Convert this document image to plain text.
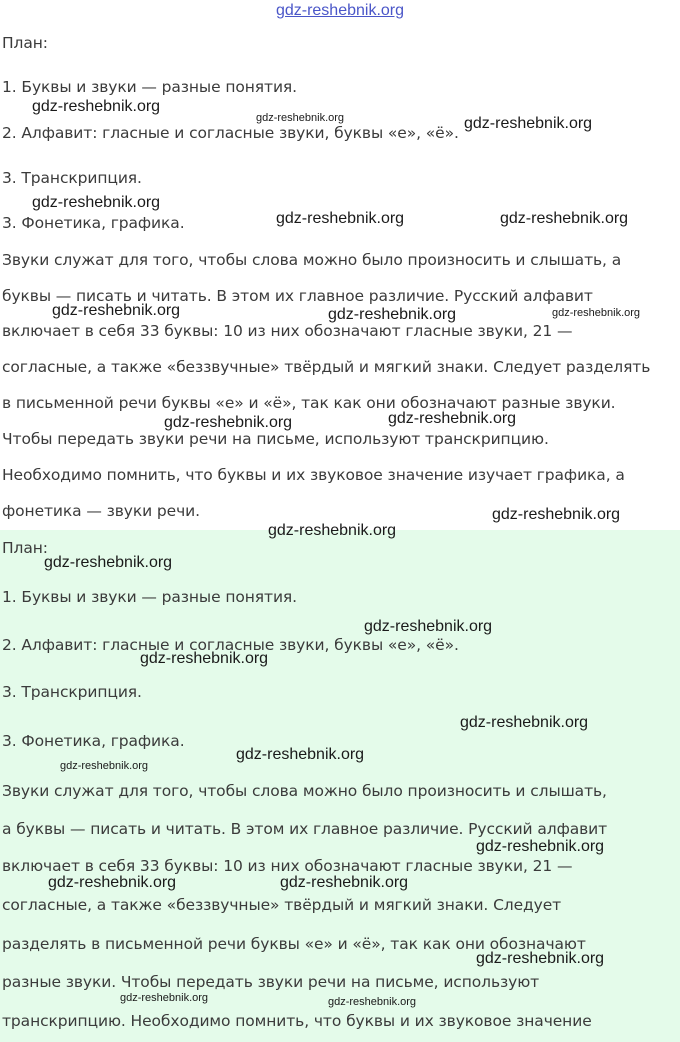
План:
1. Буквы и звуки — разные понятия.
2. Алфавит: гласные и согласные звуки, буквы «е», «ё».
3. Транскрипция.
3. Фонетика, графика.
Звуки служат для того, чтобы слова можно было произносить и слышать, а
буквы — писать и читать. В этом их главное различие. Русский алфавит
включает в себя 33 буквы: 10 из них обозначают гласные звуки, 21 —
согласные, а также «беззвучные» твёрдый и мягкий знаки. Следует разделять
в письменной речи буквы «е» и «ё», так как они обозначают разные звуки.
Чтобы передать звуки речи на письме, используют транскрипцию.
Необходимо помнить, что буквы и их звуковое значение изучает графика, а
фонетика — звуки речи.
План:
1. Буквы и звуки — разные понятия.
2. Алфавит: гласные и согласные звуки, буквы «е», «ё».
3. Транскрипция.
3. Фонетика, графика.
Звуки служат для того, чтобы слова можно было произносить и слышать,
а буквы — писать и читать. В этом их главное различие. Русский алфавит
включает в себя 33 буквы: 10 из них обозначают гласные звуки, 21 —
согласные, а также «беззвучные» твёрдый и мягкий знаки. Следует
разделять в письменной речи буквы «е» и «ё», так как они обозначают
разные звуки. Чтобы передать звуки речи на письме, используют
транскрипцию. Необходимо помнить, что буквы и их звуковое значение
gdz-reshebnik.org
gdz-reshebnik.org
gdz-reshebnik.org	gdz-reshebnik.org
gdz-reshebnik.org
gdz-reshebnik.org	gdz-reshebnik.org
gdz-reshebnik.org	gdz-reshebnik.org	gdz-reshebnik.org
gdz-reshebnik.org	gdz-reshebnik.org
gdz-reshebnik.org
gdz-reshebnik.org
gdz-reshebnik.org
gdz-reshebnik.org
gdz-reshebnik.org
gdz-reshebnik.org
gdz-reshebnik.org
gdz-reshebnik.org
gdz-reshebnik.org
gdz-reshebnik.org	gdz-reshebnik.org
gdz-reshebnik.org
gdz-reshebnik.org	gdz-reshebnik.org
